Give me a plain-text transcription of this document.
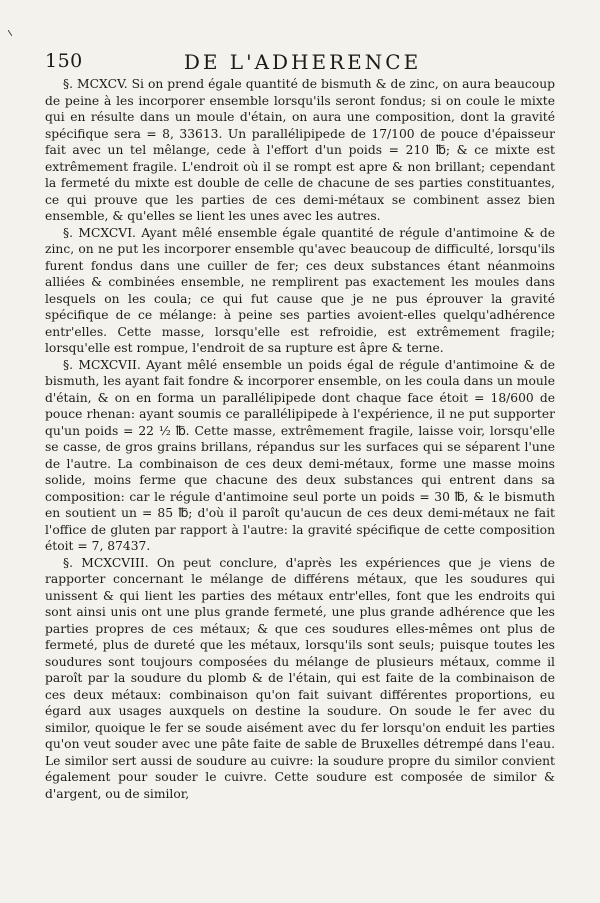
150	DE L'ADHERENCE

§. MCXCV. Si on prend égale quantité de bismuth & de zinc, on aura beaucoup de peine à les incorporer ensemble lorsqu'ils seront fondus; si on coule le mixte qui en résulte dans un moule d'étain, on aura une composition, dont la gravité spécifique sera = 8, 33613. Un parallélipipede de 17/100 de pouce d'épaisseur fait avec un tel mêlange, cede à l'effort d'un poids = 210 ℔; & ce mixte est extrêmement fragile. L'endroit où il se rompt est apre & non brillant; cependant la fermeté du mixte est double de celle de chacune de ses parties constituantes, ce qui prouve que les parties de ces demi-métaux se combinent assez bien ensemble, & qu'elles se lient les unes avec les autres.

§. MCXCVI. Ayant mêlé ensemble égale quantité de régule d'antimoine & de zinc, on ne put les incorporer ensemble qu'avec beaucoup de difficulté, lorsqu'ils furent fondus dans une cuiller de fer; ces deux substances étant néanmoins alliées & combinées ensemble, ne remplirent pas exactement les moules dans lesquels on les coula; ce qui fut cause que je ne pus éprouver la gravité spécifique de ce mélange: à peine ses parties avoient-elles quelqu'adhérence entr'elles. Cette masse, lorsqu'elle est refroidie, est extrêmement fragile; lorsqu'elle est rompue, l'endroit de sa rupture est âpre & terne.

§. MCXCVII. Ayant mêlé ensemble un poids égal de régule d'antimoine & de bismuth, les ayant fait fondre & incorporer ensemble, on les coula dans un moule d'étain, & on en forma un parallélipipede dont chaque face étoit = 18/600 de pouce rhenan: ayant soumis ce parallélipipede à l'expérience, il ne put supporter qu'un poids = 22 ½ ℔. Cette masse, extrêmement fragile, laisse voir, lorsqu'elle se casse, de gros grains brillans, répandus sur les surfaces qui se séparent l'une de l'autre. La combinaison de ces deux demi-métaux, forme une masse moins solide, moins ferme que chacune des deux substances qui entrent dans sa composition: car le régule d'antimoine seul porte un poids = 30 ℔, & le bismuth en soutient un = 85 ℔; d'où il paroît qu'aucun de ces deux demi-métaux ne fait l'office de gluten par rapport à l'autre: la gravité spécifique de cette composition étoit = 7, 87437.

§. MCXCVIII. On peut conclure, d'après les expériences que je viens de rapporter concernant le mélange de différens métaux, que les soudures qui unissent & qui lient les parties des métaux entr'elles, font que les endroits qui sont ainsi unis ont une plus grande fermeté, une plus grande adhérence que les parties propres de ces métaux; & que ces soudures elles-mêmes ont plus de fermeté, plus de dureté que les métaux, lorsqu'ils sont seuls; puisque toutes les soudures sont toujours composées du mélange de plusieurs métaux, comme il paroît par la soudure du plomb & de l'étain, qui est faite de la combinaison de ces deux métaux: combinaison qu'on fait suivant différentes proportions, eu égard aux usages auxquels on destine la soudure. On soude le fer avec du similor, quoique le fer se soude aisément avec du fer lorsqu'on enduit les parties qu'on veut souder avec une pâte faite de sable de Bruxelles détrempé dans l'eau. Le similor sert aussi de soudure au cuivre: la soudure propre du similor convient également pour souder le cuivre. Cette soudure est composée de similor & d'argent, ou de similor,
